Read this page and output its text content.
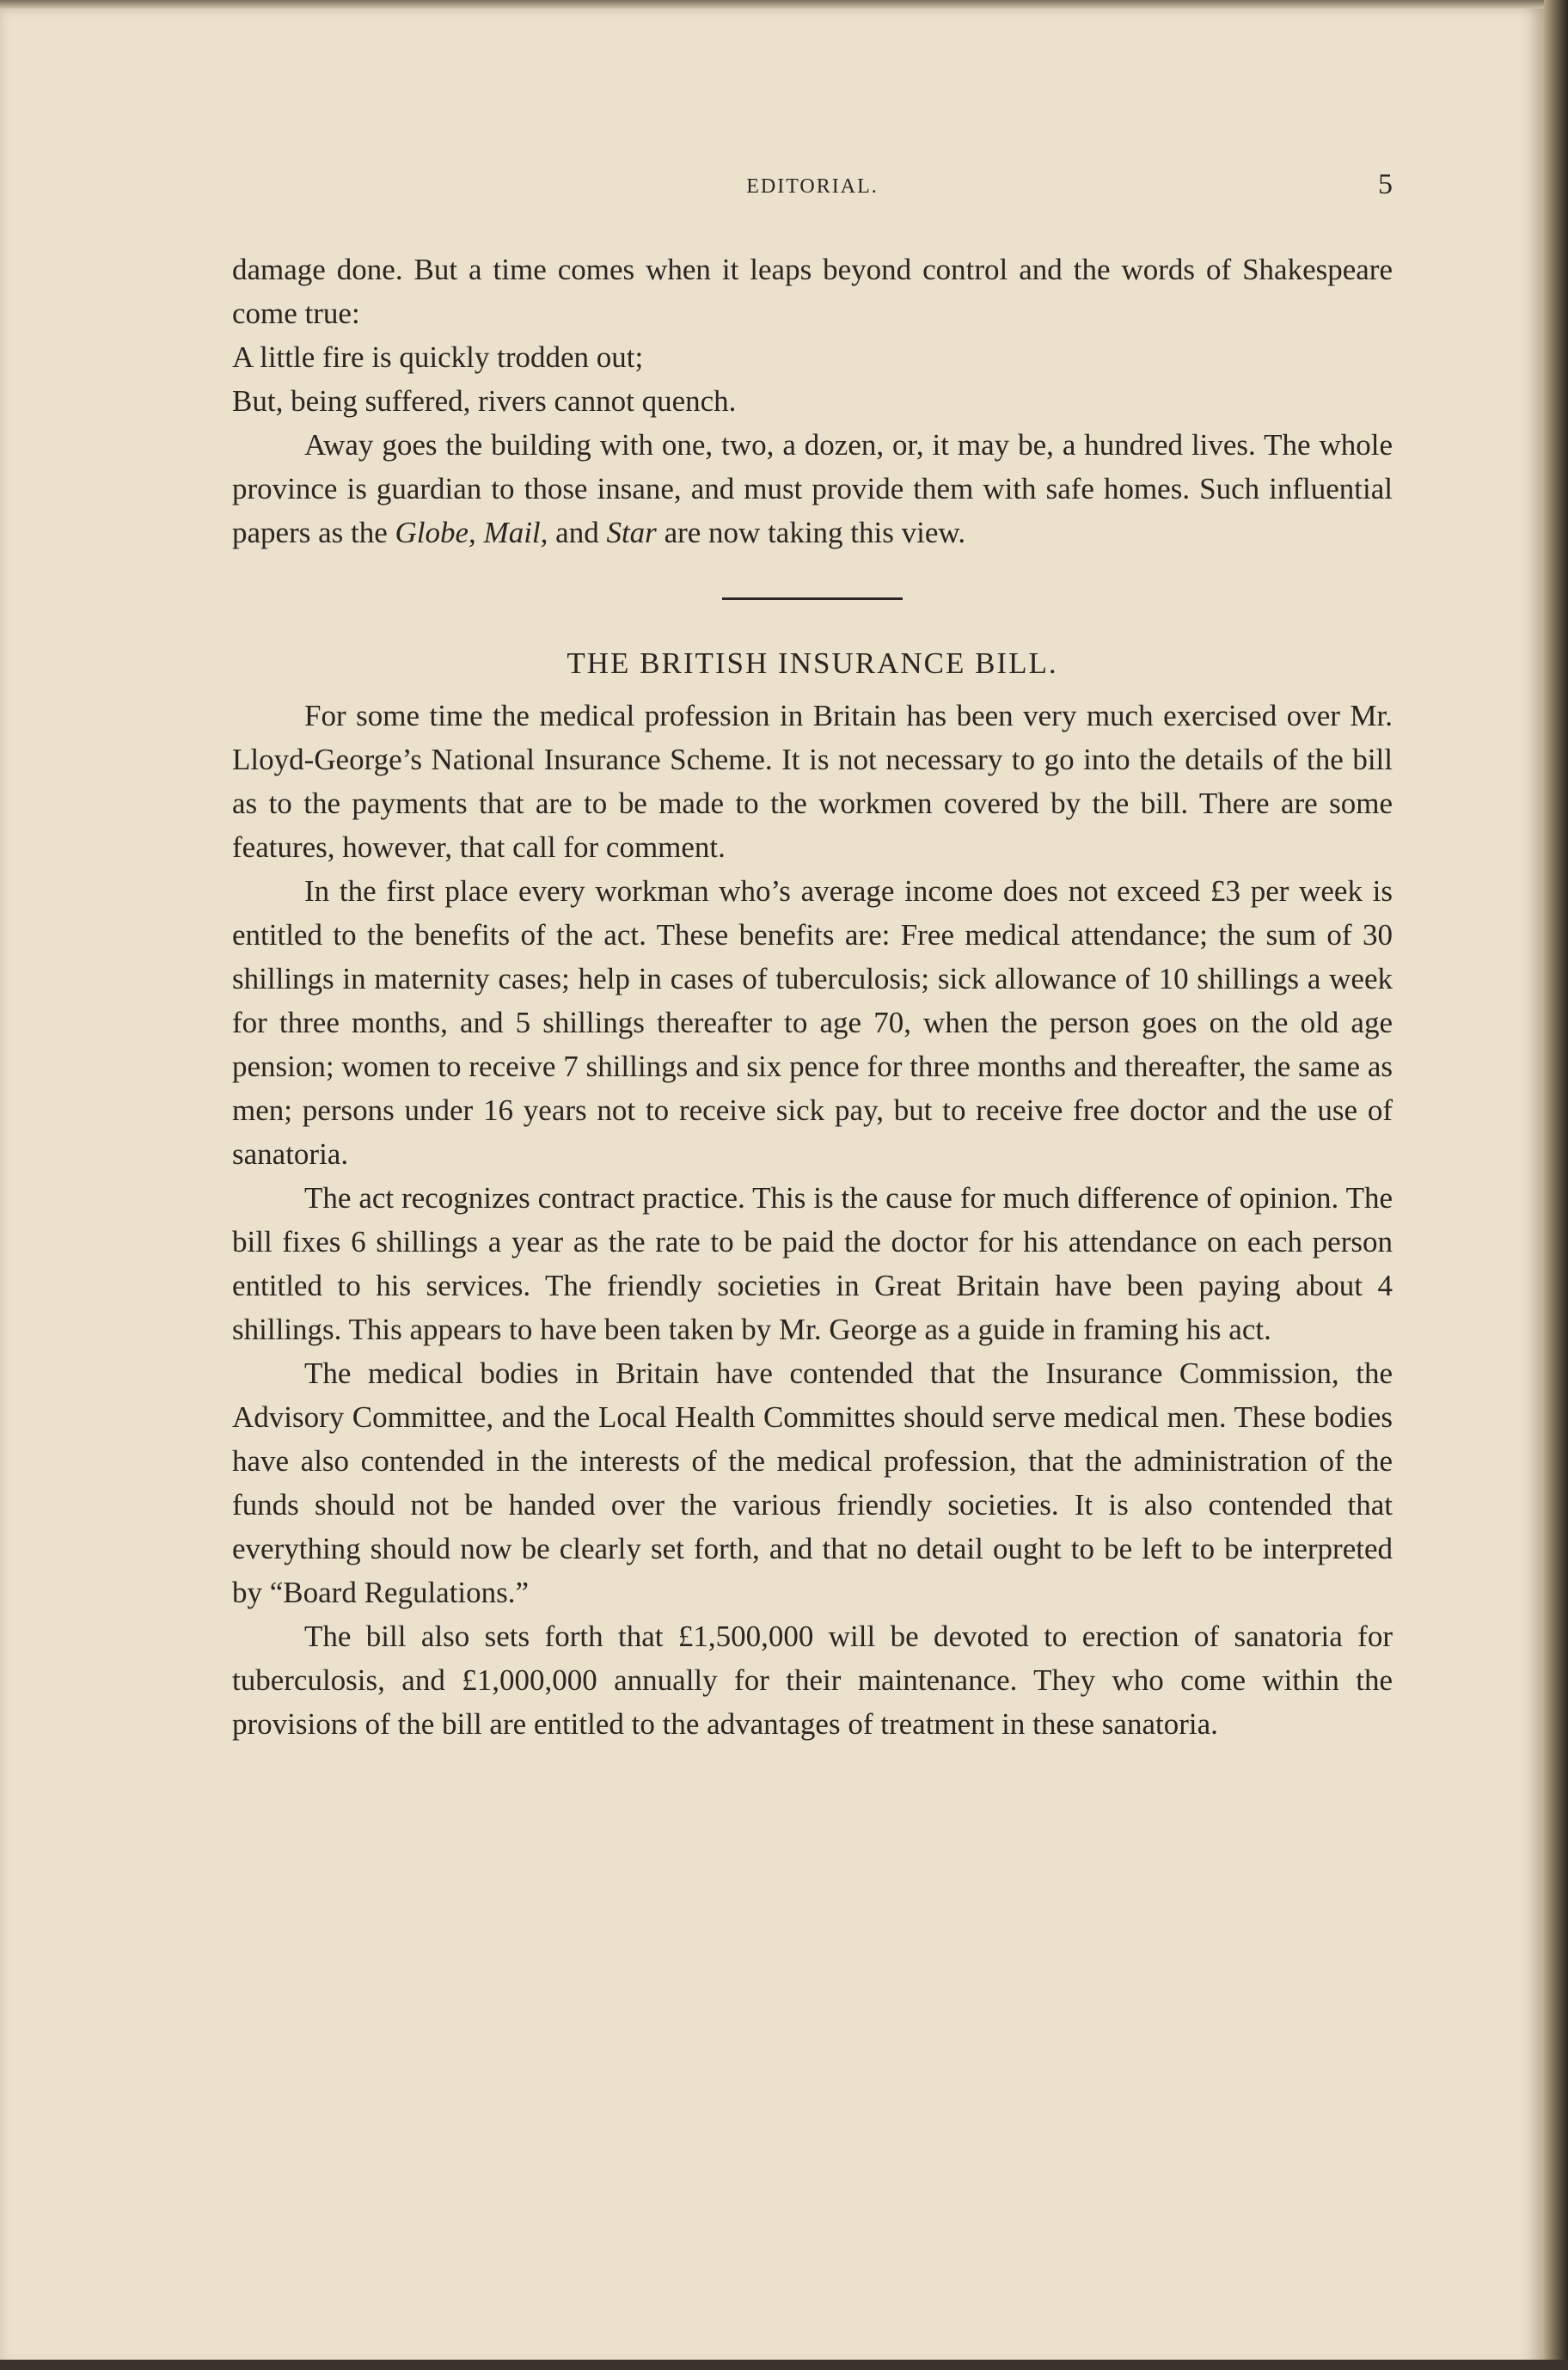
EDITORIAL.	5

damage done. But a time comes when it leaps beyond control and the words of Shakespeare come true:

A little fire is quickly trodden out;

But, being suffered, rivers cannot quench.

Away goes the building with one, two, a dozen, or, it may be, a hundred lives. The whole province is guardian to those insane, and must provide them with safe homes. Such influential papers as the Globe, Mail, and Star are now taking this view.

THE BRITISH INSURANCE BILL.

For some time the medical profession in Britain has been very much exercised over Mr. Lloyd-George’s National Insurance Scheme. It is not necessary to go into the details of the bill as to the payments that are to be made to the workmen covered by the bill. There are some features, however, that call for comment.

In the first place every workman who’s average income does not exceed £3 per week is entitled to the benefits of the act. These benefits are: Free medical attendance; the sum of 30 shillings in maternity cases; help in cases of tuberculosis; sick allowance of 10 shillings a week for three months, and 5 shillings thereafter to age 70, when the person goes on the old age pension; women to receive 7 shillings and six pence for three months and thereafter, the same as men; persons under 16 years not to receive sick pay, but to receive free doctor and the use of sanatoria.

The act recognizes contract practice. This is the cause for much difference of opinion. The bill fixes 6 shillings a year as the rate to be paid the doctor for his attendance on each person entitled to his services. The friendly societies in Great Britain have been paying about 4 shillings. This appears to have been taken by Mr. George as a guide in framing his act.

The medical bodies in Britain have contended that the Insurance Commission, the Advisory Committee, and the Local Health Committes should serve medical men. These bodies have also contended in the interests of the medical profession, that the administration of the funds should not be handed over the various friendly societies. It is also contended that everything should now be clearly set forth, and that no detail ought to be left to be interpreted by “Board Regulations.”

The bill also sets forth that £1,500,000 will be devoted to erection of sanatoria for tuberculosis, and £1,000,000 annually for their maintenance. They who come within the provisions of the bill are entitled to the advantages of treatment in these sanatoria.
